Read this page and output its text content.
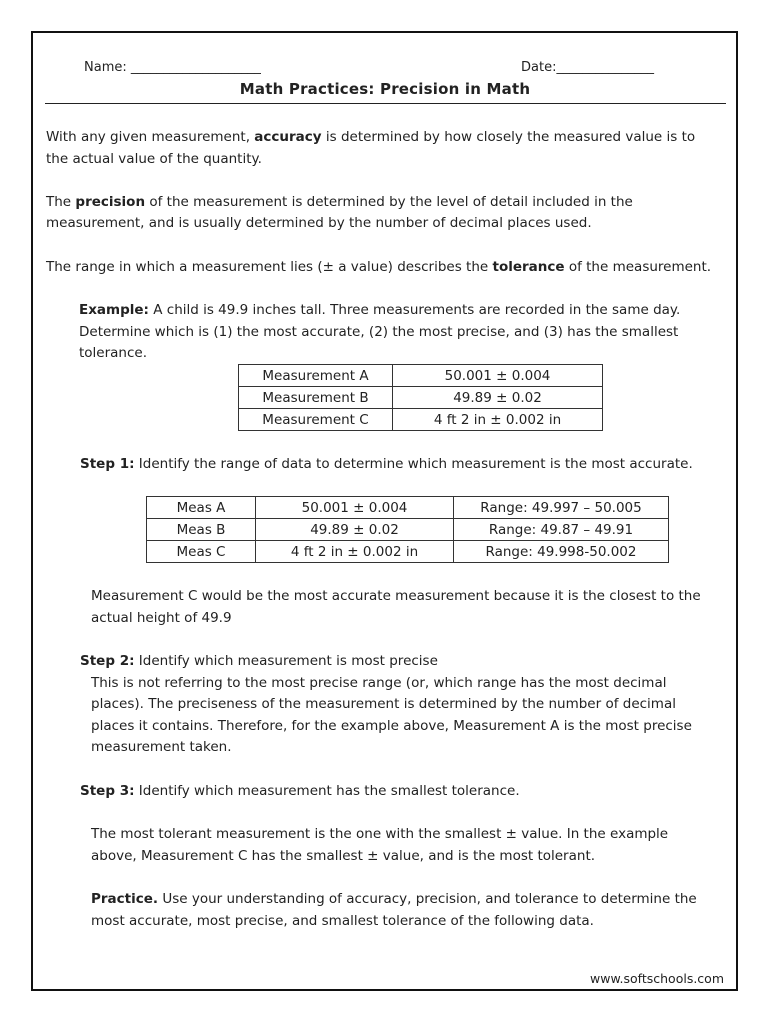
Name: ____________________	Date:_______________
Math Practices: Precision in Math
With any given measurement, accuracy is determined by how closely the measured value is to
the actual value of the quantity.
The precision of the measurement is determined by the level of detail included in the
measurement, and is usually determined by the number of decimal places used.
The range in which a measurement lies (± a value) describes the tolerance of the measurement.
Example: A child is 49.9 inches tall. Three measurements are recorded in the same day.
Determine which is (1) the most accurate, (2) the most precise, and (3) has the smallest
tolerance.
Measurement A	50.001 ± 0.004
Measurement B	49.89 ± 0.02
Measurement C	4 ft 2 in ± 0.002 in
Step 1: Identify the range of data to determine which measurement is the most accurate.
Meas A	50.001 ± 0.004	Range: 49.997 – 50.005
Meas B	49.89 ± 0.02	Range: 49.87 – 49.91
Meas C	4 ft 2 in ± 0.002 in	Range: 49.998-50.002
Measurement C would be the most accurate measurement because it is the closest to the
actual height of 49.9
Step 2: Identify which measurement is most precise
This is not referring to the most precise range (or, which range has the most decimal
places). The preciseness of the measurement is determined by the number of decimal
places it contains. Therefore, for the example above, Measurement A is the most precise
measurement taken.
Step 3: Identify which measurement has the smallest tolerance.
The most tolerant measurement is the one with the smallest ± value. In the example
above, Measurement C has the smallest ± value, and is the most tolerant.
Practice. Use your understanding of accuracy, precision, and tolerance to determine the
most accurate, most precise, and smallest tolerance of the following data.
www.softschools.com
